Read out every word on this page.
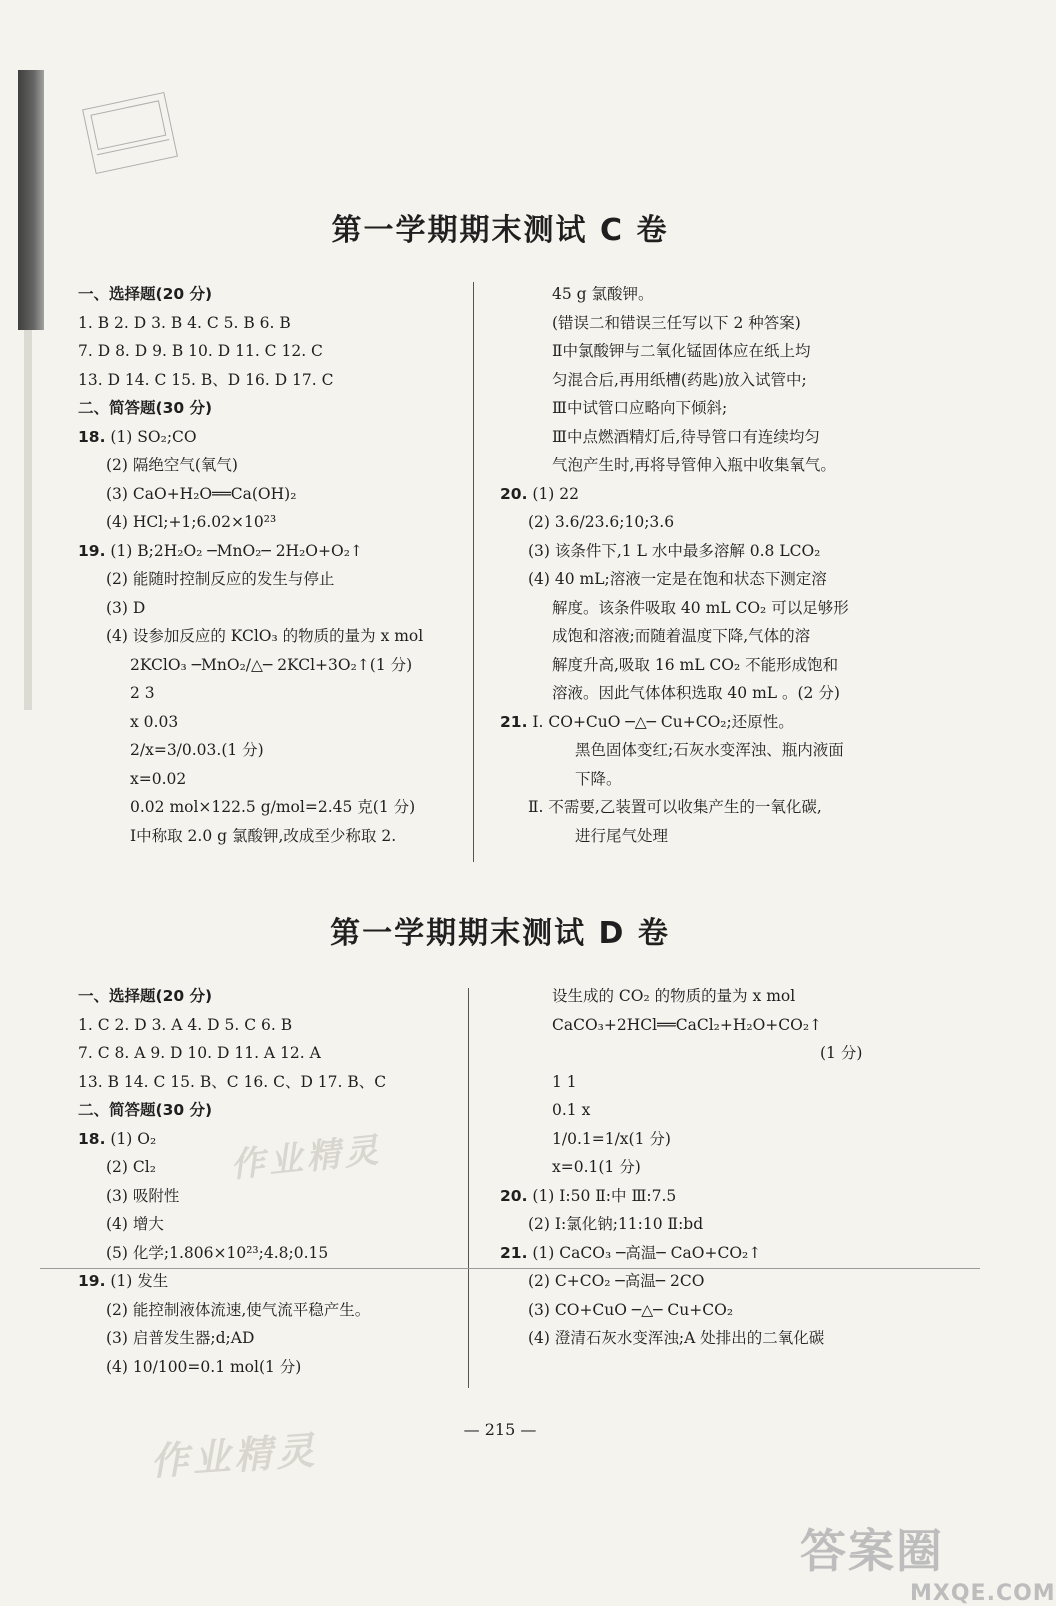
第一学期期末测试 C 卷
一、选择题(20 分)
1. B 2. D 3. B 4. C 5. B 6. B
7. D 8. D 9. B 10. D 11. C 12. C
13. D 14. C 15. B、D 16. D 17. C
二、简答题(30 分)
18. (1) SO₂;CO
(2) 隔绝空气(氧气)
(3) CaO+H₂O══Ca(OH)₂
(4) HCl;+1;6.02×10²³
19. (1) B;2H₂O₂ ─MnO₂─ 2H₂O+O₂↑
(2) 能随时控制反应的发生与停止
(3) D
(4) 设参加反应的 KClO₃ 的物质的量为 x mol
2KClO₃ ─MnO₂/△─ 2KCl+3O₂↑(1 分)
2 3
x 0.03
2/x=3/0.03.(1 分)
x=0.02
0.02 mol×122.5 g/mol=2.45 克(1 分)
Ⅰ中称取 2.0 g 氯酸钾,改成至少称取 2.
45 g 氯酸钾。
(错误二和错误三任写以下 2 种答案)
Ⅱ中氯酸钾与二氧化锰固体应在纸上均
匀混合后,再用纸槽(药匙)放入试管中;
Ⅲ中试管口应略向下倾斜;
Ⅲ中点燃酒精灯后,待导管口有连续均匀
气泡产生时,再将导管伸入瓶中收集氧气。
20. (1) 22
(2) 3.6/23.6;10;3.6
(3) 该条件下,1 L 水中最多溶解 0.8 LCO₂
(4) 40 mL;溶液一定是在饱和状态下测定溶
解度。该条件吸取 40 mL CO₂ 可以足够形
成饱和溶液;而随着温度下降,气体的溶
解度升高,吸取 16 mL CO₂ 不能形成饱和
溶液。因此气体体积选取 40 mL 。(2 分)
21. Ⅰ. CO+CuO ─△─ Cu+CO₂;还原性。
黑色固体变红;石灰水变浑浊、瓶内液面
下降。
Ⅱ. 不需要,乙装置可以收集产生的一氧化碳,
进行尾气处理
第一学期期末测试 D 卷
一、选择题(20 分)
1. C 2. D 3. A 4. D 5. C 6. B
7. C 8. A 9. D 10. D 11. A 12. A
13. B 14. C 15. B、C 16. C、D 17. B、C
二、简答题(30 分)
18. (1) O₂
(2) Cl₂
(3) 吸附性
(4) 增大
(5) 化学;1.806×10²³;4.8;0.15
19. (1) 发生
(2) 能控制液体流速,使气流平稳产生。
(3) 启普发生器;d;AD
(4) 10/100=0.1 mol(1 分)
设生成的 CO₂ 的物质的量为 x mol
CaCO₃+2HCl══CaCl₂+H₂O+CO₂↑
(1 分)
1 1
0.1 x
1/0.1=1/x(1 分)
x=0.1(1 分)
20. (1) Ⅰ:50 Ⅱ:中 Ⅲ:7.5
(2) Ⅰ:氯化钠;11:10 Ⅱ:bd
21. (1) CaCO₃ ─高温─ CaO+CO₂↑
(2) C+CO₂ ─高温─ 2CO
(3) CO+CuO ─△─ Cu+CO₂
(4) 澄清石灰水变浑浊;A 处排出的二氧化碳
— 215 —
作业精灵
作业精灵
答案圈
MXQE.COM
